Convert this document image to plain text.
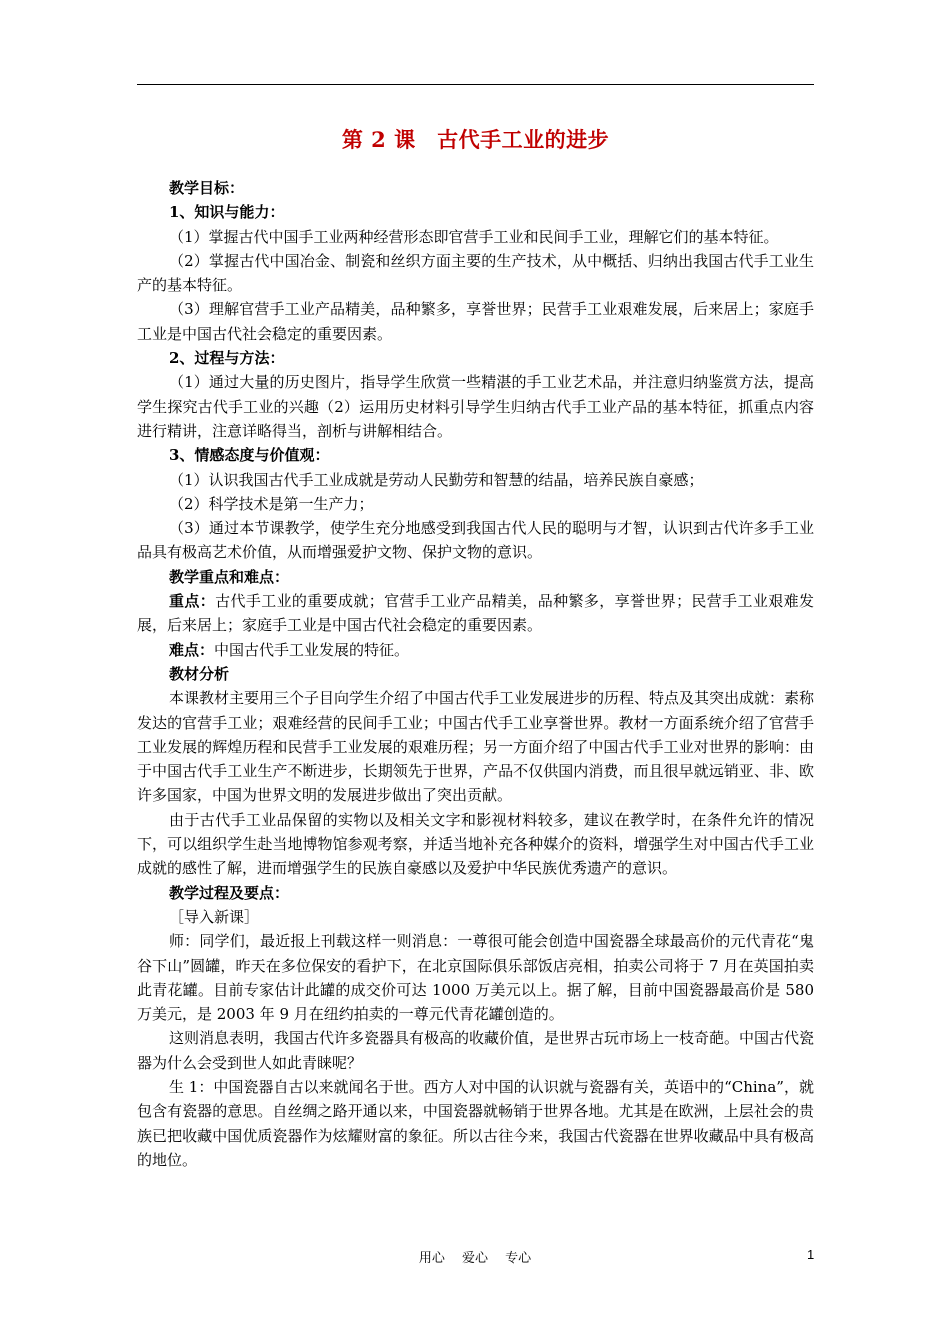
第 2 课　古代手工业的进步

教学目标：

1、知识与能力：

（1）掌握古代中国手工业两种经营形态即官营手工业和民间手工业，理解它们的基本特征。

（2）掌握古代中国冶金、制瓷和丝织方面主要的生产技术，从中概括、归纳出我国古代手工业生产的基本特征。

（3）理解官营手工业产品精美，品种繁多，享誉世界；民营手工业艰难发展，后来居上；家庭手工业是中国古代社会稳定的重要因素。

2、过程与方法：

（1）通过大量的历史图片，指导学生欣赏一些精湛的手工业艺术品，并注意归纳鉴赏方法，提高学生探究古代手工业的兴趣（2）运用历史材料引导学生归纳古代手工业产品的基本特征，抓重点内容进行精讲，注意详略得当，剖析与讲解相结合。

3、情感态度与价值观：

（1）认识我国古代手工业成就是劳动人民勤劳和智慧的结晶，培养民族自豪感；

（2）科学技术是第一生产力；

（3）通过本节课教学，使学生充分地感受到我国古代人民的聪明与才智，认识到古代许多手工业品具有极高艺术价值，从而增强爱护文物、保护文物的意识。

教学重点和难点：

重点：古代手工业的重要成就；官营手工业产品精美，品种繁多，享誉世界；民营手工业艰难发展，后来居上；家庭手工业是中国古代社会稳定的重要因素。

难点：中国古代手工业发展的特征。

教材分析

本课教材主要用三个子目向学生介绍了中国古代手工业发展进步的历程、特点及其突出成就：素称发达的官营手工业；艰难经营的民间手工业；中国古代手工业享誉世界。教材一方面系统介绍了官营手工业发展的辉煌历程和民营手工业发展的艰难历程；另一方面介绍了中国古代手工业对世界的影响：由于中国古代手工业生产不断进步，长期领先于世界，产品不仅供国内消费，而且很早就远销亚、非、欧许多国家，中国为世界文明的发展进步做出了突出贡献。

由于古代手工业品保留的实物以及相关文字和影视材料较多，建议在教学时，在条件允许的情况下，可以组织学生赴当地博物馆参观考察，并适当地补充各种媒介的资料，增强学生对中国古代手工业成就的感性了解，进而增强学生的民族自豪感以及爱护中华民族优秀遗产的意识。

教学过程及要点：

［导入新课］

师：同学们，最近报上刊载这样一则消息：一尊很可能会创造中国瓷器全球最高价的元代青花“鬼谷下山”圆罐，昨天在多位保安的看护下，在北京国际俱乐部饭店亮相，拍卖公司将于 7 月在英国拍卖此青花罐。目前专家估计此罐的成交价可达 1000 万美元以上。据了解，目前中国瓷器最高价是 580 万美元，是 2003 年 9 月在纽约拍卖的一尊元代青花罐创造的。

这则消息表明，我国古代许多瓷器具有极高的收藏价值，是世界古玩市场上一枝奇葩。中国古代瓷器为什么会受到世人如此青睐呢？

生 1：中国瓷器自古以来就闻名于世。西方人对中国的认识就与瓷器有关，英语中的“China”，就包含有瓷器的意思。自丝绸之路开通以来，中国瓷器就畅销于世界各地。尤其是在欧洲，上层社会的贵族已把收藏中国优质瓷器作为炫耀财富的象征。所以古往今来，我国古代瓷器在世界收藏品中具有极高的地位。

用心　 爱心　 专心	1
